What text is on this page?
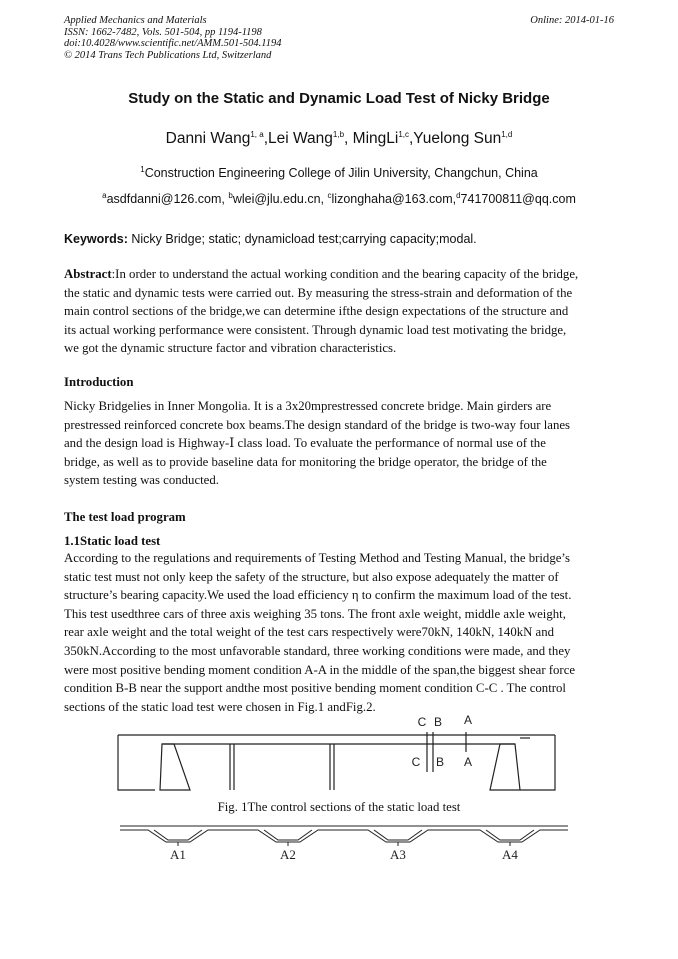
Applied Mechanics and Materials
ISSN: 1662-7482, Vols. 501-504, pp 1194-1198
doi:10.4028/www.scientific.net/AMM.501-504.1194
© 2014 Trans Tech Publications Ltd, Switzerland
Online: 2014-01-16
Study on the Static and Dynamic Load Test of Nicky Bridge
Danni Wang$^{1, a}$,Lei Wang$^{1,b}$, MingLi$^{1,c}$,Yuelong Sun$^{1,d}$
$^1$Construction Engineering College of Jilin University, Changchun, China
$^a$asdfdanni@126.com, $^b$wlei@jlu.edu.cn, $^c$lizonghaha@163.com,$^d$741700811@qq.com
Keywords: Nicky Bridge; static; dynamicload test;carrying capacity;modal.
Abstract:In order to understand the actual working condition and the bearing capacity of the bridge,
the static and dynamic tests were carried out. By measuring the stress-strain and deformation of the
main control sections of the bridge,we can determine ifthe design expectations of the structure and
its actual working performance were consistent. Through dynamic load test motivating the bridge,
we got the dynamic structure factor and vibration characteristics.
Introduction
Nicky Bridgelies in Inner Mongolia. It is a 3x20mprestressed concrete bridge. Main girders are
prestressed reinforced concrete box beams.The design standard of the bridge is two-way four lanes
and the design load is Highway-Ⅰ class load. To evaluate the performance of normal use of the
bridge, as well as to provide baseline data for monitoring the bridge operator, the bridge of the
system testing was conducted.
The test load program
1.1Static load test
According to the regulations and requirements of Testing Method and Testing Manual, the bridge’s
static test must not only keep the safety of the structure, but also expose adequately the matter of
structure’s bearing capacity.We used the load efficiency η to confirm the maximum load of the test.
This test usedthree cars of three axis weighing 35 tons. The front axle weight, middle axle weight,
rear axle weight and the total weight of the test cars respectively were70kN, 140kN, 140kN and
350kN.According to the most unfavorable standard, three working conditions were made, and they
were most positive bending moment condition A-A in the middle of the span,the biggest shear force
condition B-B near the support andthe most positive bending moment condition C-C . The control
sections of the static load test were chosen in Fig.1 andFig.2.
C B A
C B A
Fig. 1The control sections of the static load test
A1	A2	A3	A4
